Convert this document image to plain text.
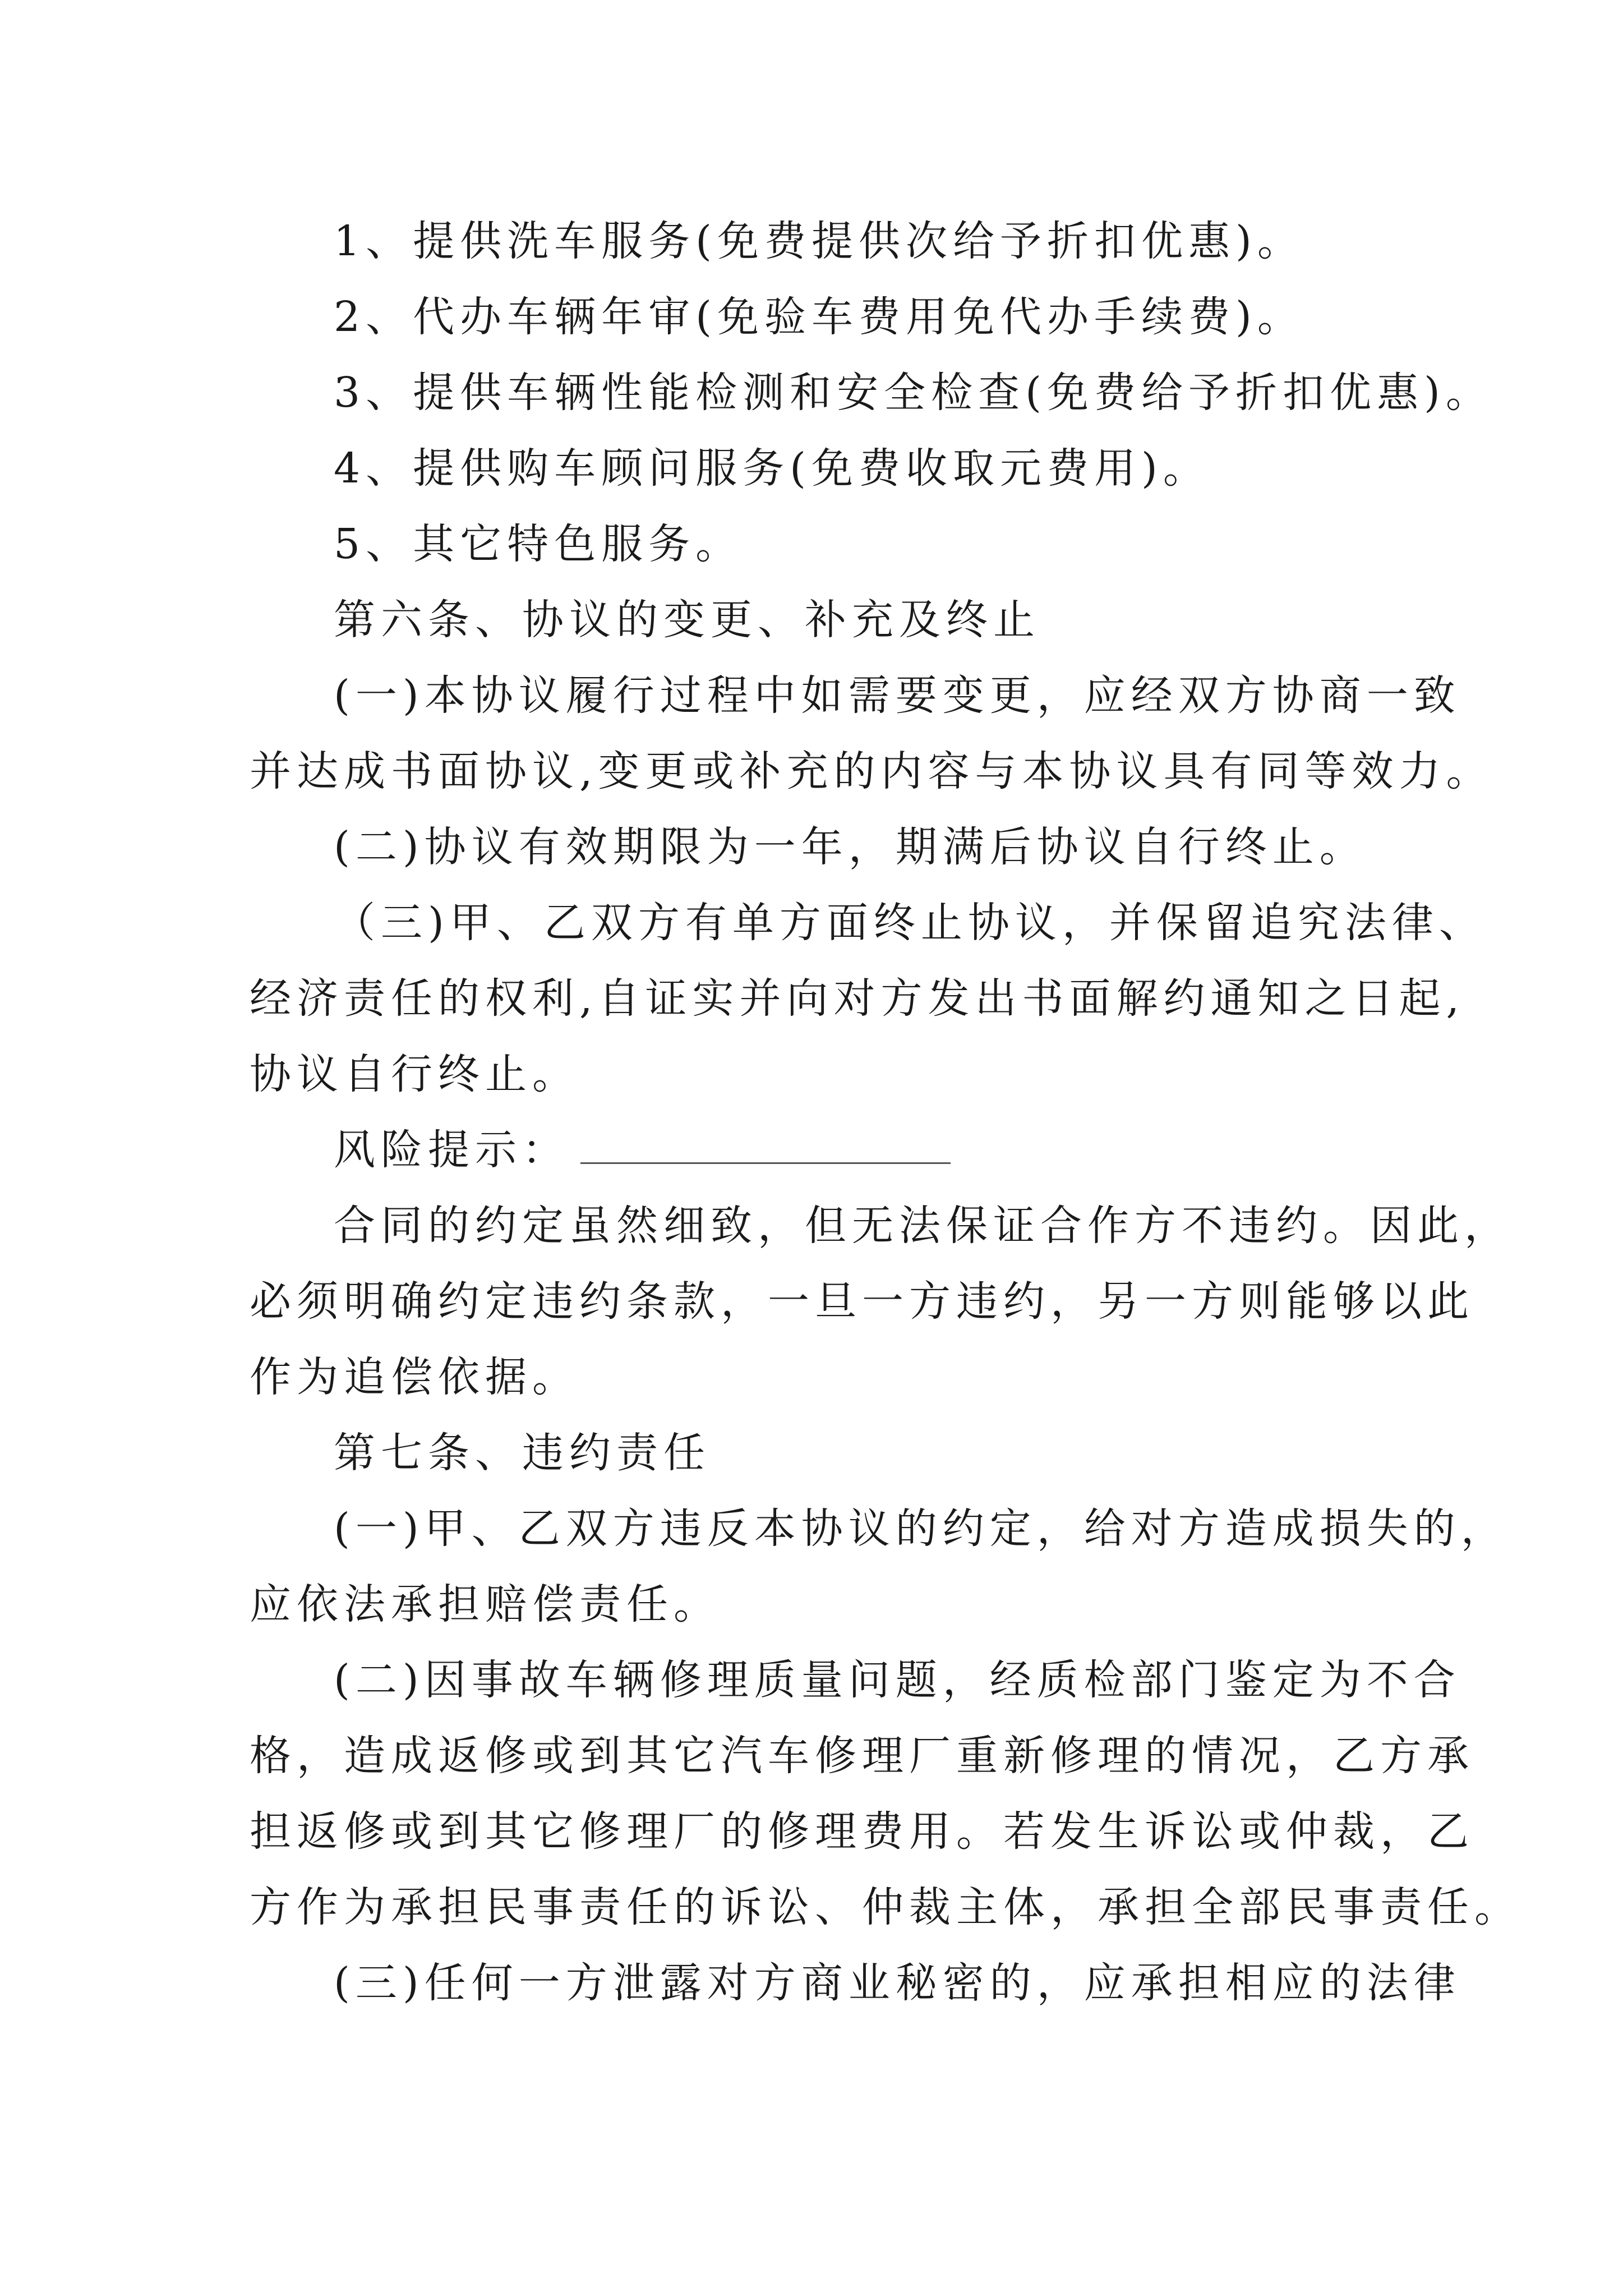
1、提供洗车服务(免费提供次给予折扣优惠)。
2、代办车辆年审(免验车费用免代办手续费)。
3、提供车辆性能检测和安全检查(免费给予折扣优惠)。
4、提供购车顾问服务(免费收取元费用)。
5、其它特色服务。
第六条、协议的变更、补充及终止
(一)本协议履行过程中如需要变更，应经双方协商一致
并达成书面协议,变更或补充的内容与本协议具有同等效力。
(二)协议有效期限为一年，期满后协议自行终止。
（三)甲、乙双方有单方面终止协议，并保留追究法律、
经济责任的权利,自证实并向对方发出书面解约通知之日起,
协议自行终止。
风险提示：
合同的约定虽然细致，但无法保证合作方不违约。因此，
必须明确约定违约条款，一旦一方违约，另一方则能够以此
作为追偿依据。
第七条、违约责任
(一)甲、乙双方违反本协议的约定，给对方造成损失的，
应依法承担赔偿责任。
(二)因事故车辆修理质量问题，经质检部门鉴定为不合
格，造成返修或到其它汽车修理厂重新修理的情况，乙方承
担返修或到其它修理厂的修理费用。若发生诉讼或仲裁，乙
方作为承担民事责任的诉讼、仲裁主体，承担全部民事责任。
(三)任何一方泄露对方商业秘密的，应承担相应的法律
